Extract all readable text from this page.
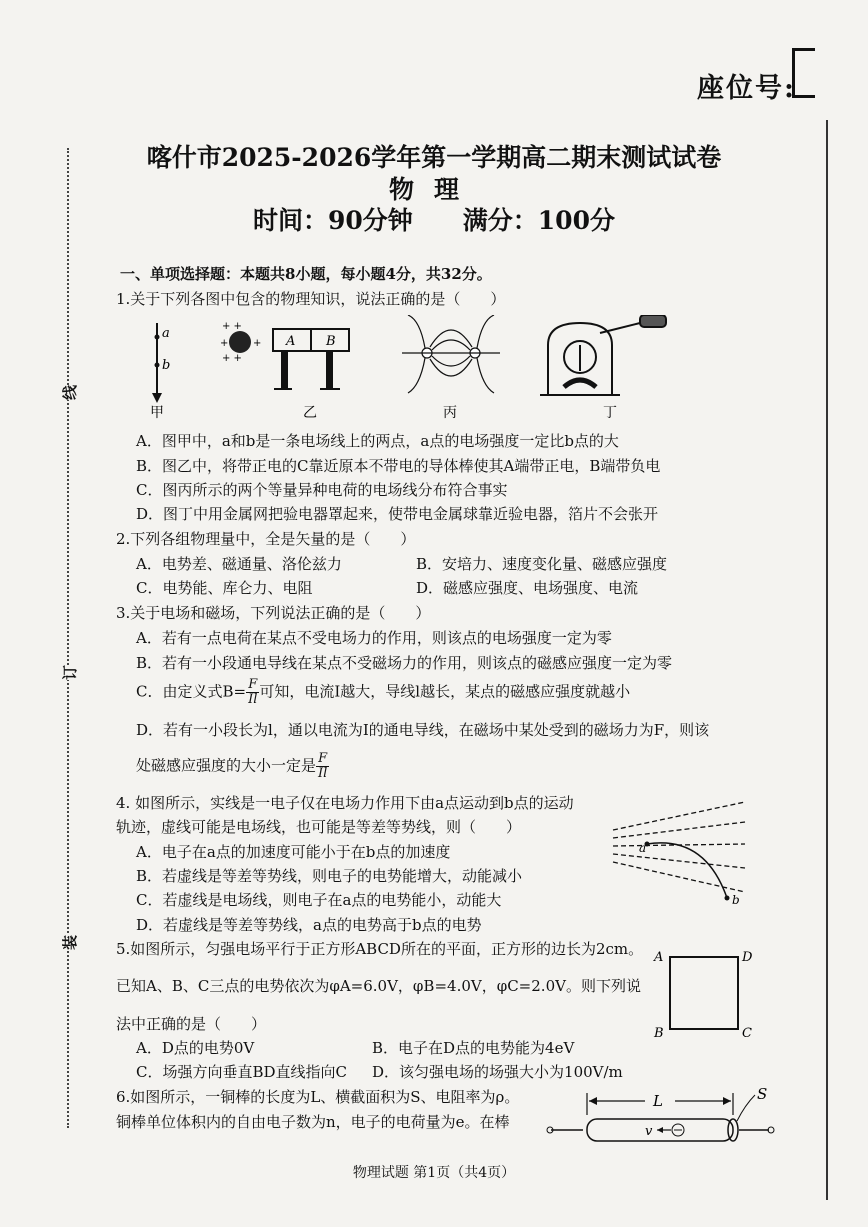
座位号:
线
订
装
喀什市2025-2026学年第一学期高二期末测试试卷
物理
时间：90分钟　　满分：100分
一、单项选择题：本题共8小题，每小题4分，共32分。
1.关于下列各图中包含的物理知识，说法正确的是（　　）
a
b
+ +
+ +
+ +
A B
甲	乙	丙	丁
A．图甲中，a和b是一条电场线上的两点，a点的电场强度一定比b点的大
B．图乙中，将带正电的C靠近原本不带电的导体棒使其A端带正电，B端带负电
C．图丙所示的两个等量异种电荷的电场线分布符合事实
D．图丁中用金属网把验电器罩起来，使带电金属球靠近验电器，箔片不会张开
2.下列各组物理量中，全是矢量的是（　　）
A．电势差、磁通量、洛伦兹力	B．安培力、速度变化量、磁感应强度
C．电势能、库仑力、电阻	D．磁感应强度、电场强度、电流
3.关于电场和磁场，下列说法正确的是（　　）
A．若有一点电荷在某点不受电场力的作用，则该点的电场强度一定为零
B．若有一小段通电导线在某点不受磁场力的作用，则该点的磁感应强度一定为零
C．由定义式$B= \frac{F}{Il}$ 可知，电流I越大，导线l越长，某点的磁感应强度就越小
D．若有一小段长为l，通以电流为I的通电导线，在磁场中某处受到的磁场力为F，则该
处磁感应强度的大小一定是 $\frac{F}{Il}$
4. 如图所示，实线是一电子仅在电场力作用下由a点运动到b点的运动
轨迹，虚线可能是电场线，也可能是等差等势线，则（　　）
A．电子在a点的加速度可能小于在b点的加速度
B．若虚线是等差等势线，则电子的电势能增大，动能减小
C．若虚线是电场线，则电子在a点的电势能小，动能大
D．若虚线是等差等势线，a点的电势高于b点的电势
a
b
5.如图所示，匀强电场平行于正方形ABCD所在的平面，正方形的边长为2cm。
已知A、B、C三点的电势依次为φA=6.0V，φB=4.0V，φC=2.0V。则下列说
法中正确的是（　　）
A．D点的电势0V	B．电子在D点的电势能为4eV
C．场强方向垂直BD直线指向C D．该匀强电场的场强大小为100V/m
A	D
B	C
6.如图所示，一铜棒的长度为L、横截面积为S、电阻率为ρ。
铜棒单位体积内的自由电子数为n，电子的电荷量为e。在棒
L
v
S
物理试题 第1页（共4页）
